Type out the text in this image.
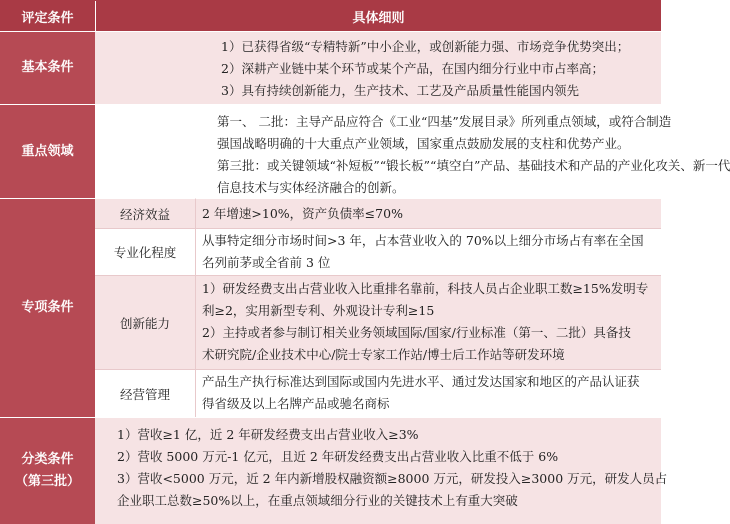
评定条件	具体细则
基本条件
1）已获得省级“专精特新”中小企业，或创新能力强、市场竞争优势突出；
2）深耕产业链中某个环节或某个产品，在国内细分行业中市占率高；
3）具有持续创新能力，生产技术、工艺及产品质量性能国内领先
重点领域
第一、 二批：主导产品应符合《工业“四基”发展目录》所列重点领域，或符合制造
强国战略明确的十大重点产业领域，国家重点鼓励发展的支柱和优势产业。
第三批：或关键领域“补短板”“锻长板”“填空白”产品、基础技术和产品的产业化攻关、新一代
信息技术与实体经济融合的创新。
专项条件
经济效益	2 年增速>10%，资产负债率≤70%
专业化程度
从事特定细分市场时间>3 年，占本营业收入的 70%以上细分市场占有率在全国
名列前茅或全省前 3 位
创新能力
1）研发经费支出占营业收入比重排名靠前，科技人员占企业职工数≥15%发明专
利≥2，实用新型专利、外观设计专利≥15
2）主持或者参与制订相关业务领域国际/国家/行业标准（第一、二批）具备技
术研究院/企业技术中心/院士专家工作站/博士后工作站等研发环境
经营管理
产品生产执行标准达到国际或国内先进水平、通过发达国家和地区的产品认证获
得省级及以上名牌产品或驰名商标
分类条件
（第三批）
1）营收≥1 亿，近 2 年研发经费支出占营业收入≥3%
2）营收 5000 万元-1 亿元，且近 2 年研发经费支出占营业收入比重不低于 6%
3）营收<5000 万元，近 2 年内新增股权融资额≥8000 万元，研发投入≥3000 万元，研发人员占
企业职工总数≥50%以上，在重点领域细分行业的关键技术上有重大突破
